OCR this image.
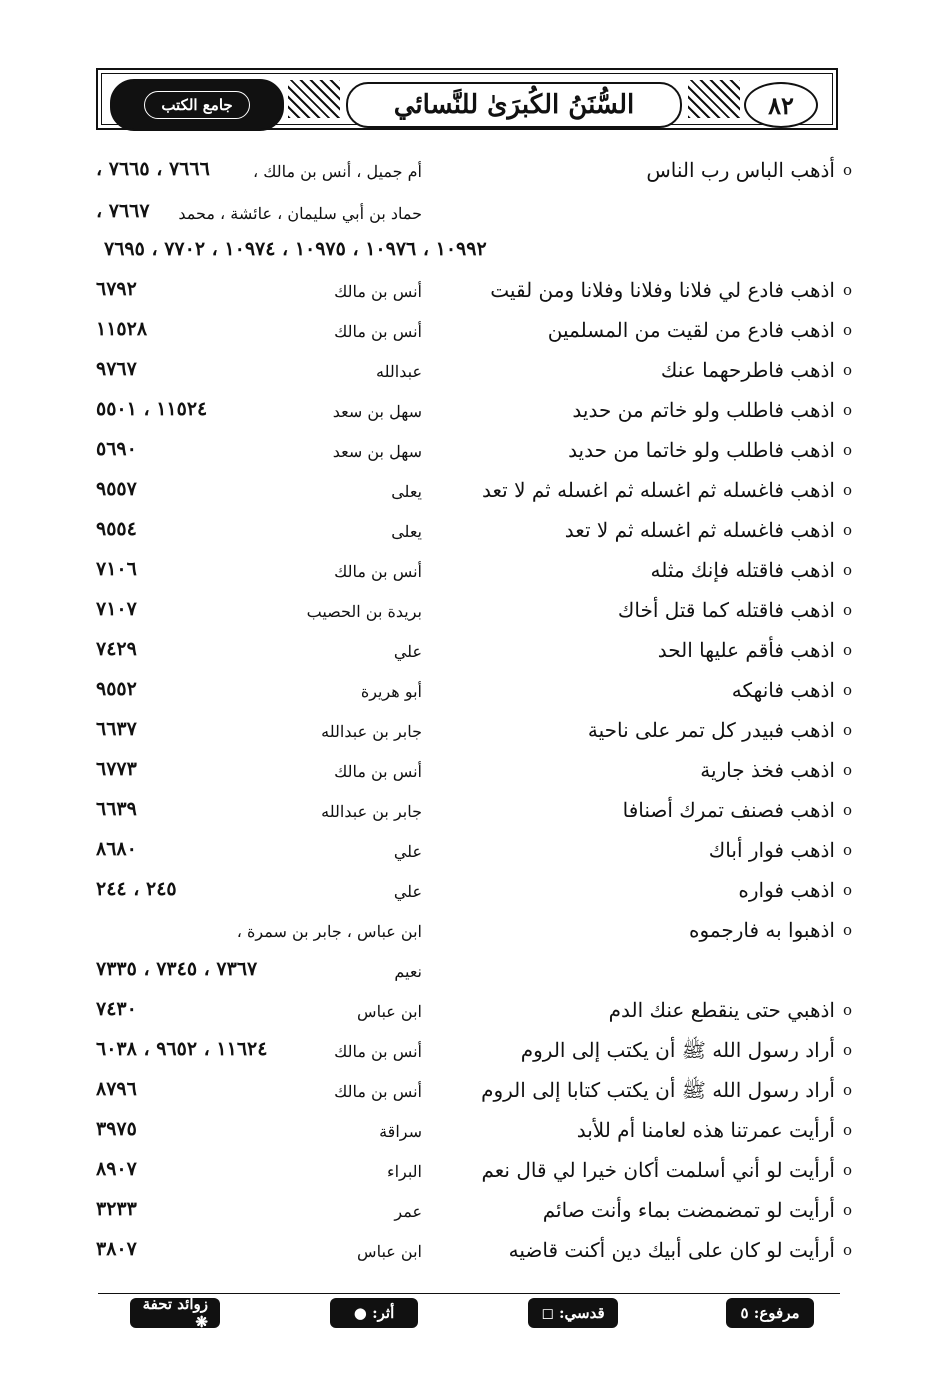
جامع الكتب	السُّنَنُ الكُبرَىٰ للنَّسائي	٨٢
oأذهب الباس رب الناس
أم جميل ، أنس بن مالك ،
٧٦٦٦ ، ٧٦٦٥ ،
حماد بن أبي سليمان ، عائشة ، محمد
٧٦٦٧ ،
١٠٩٩٢ ، ١٠٩٧٦ ، ١٠٩٧٥ ، ١٠٩٧٤ ، ٧٧٠٢ ، ٧٦٩٥
oاذهب فادع لي فلانا وفلانا وفلانا ومن لقيت
أنس بن مالك
٦٧٩٢
oاذهب فادع من لقيت من المسلمين
أنس بن مالك
١١٥٢٨
oاذهب فاطرحهما عنك
عبدالله
٩٧٦٧
oاذهب فاطلب ولو خاتم من حديد
سهل بن سعد
١١٥٢٤ ، ٥٥٠١
oاذهب فاطلب ولو خاتما من حديد
سهل بن سعد
٥٦٩٠
oاذهب فاغسله ثم اغسله ثم اغسله ثم لا تعد
يعلى
٩٥٥٧
oاذهب فاغسله ثم اغسله ثم لا تعد
يعلى
٩٥٥٤
oاذهب فاقتله فإنك مثله
أنس بن مالك
٧١٠٦
oاذهب فاقتله كما قتل أخاك
بريدة بن الحصيب
٧١٠٧
oاذهب فأقم عليها الحد
علي
٧٤٢٩
oاذهب فانهكه
أبو هريرة
٩٥٥٢
oاذهب فبيدر كل تمر على ناحية
جابر بن عبدالله
٦٦٣٧
oاذهب فخذ جارية
أنس بن مالك
٦٧٧٣
oاذهب فصنف تمرك أصنافا
جابر بن عبدالله
٦٦٣٩
oاذهب فوار أباك
علي
٨٦٨٠
oاذهب فواره
علي
٢٤٥ ، ٢٤٤
oاذهبوا به فارجموه
ابن عباس ، جابر بن سمرة ،
نعيم
٧٣٦٧ ، ٧٣٤٥ ، ٧٣٣٥
oاذهبي حتى ينقطع عنك الدم
ابن عباس
٧٤٣٠
oأراد رسول الله ﷺ أن يكتب إلى الروم
أنس بن مالك
١١٦٢٤ ، ٩٦٥٢ ، ٦٠٣٨
oأراد رسول الله ﷺ أن يكتب كتابا إلى الروم
أنس بن مالك
٨٧٩٦
oأرأيت عمرتنا هذه لعامنا أم للأبد
سراقة
٣٩٧٥
oأرأيت لو أني أسلمت أكان خيرا لي قال نعم
البراء
٨٩٠٧
oأرأيت لو تمضمضت بماء وأنت صائم
عمر
٣٢٣٣
oأرأيت لو كان على أبيك دين أكنت قاضيه
ابن عباس
٣٨٠٧
مرفوع: ٥
قدسي: ◻
أثر: ●
زوائد تحفة ❋
